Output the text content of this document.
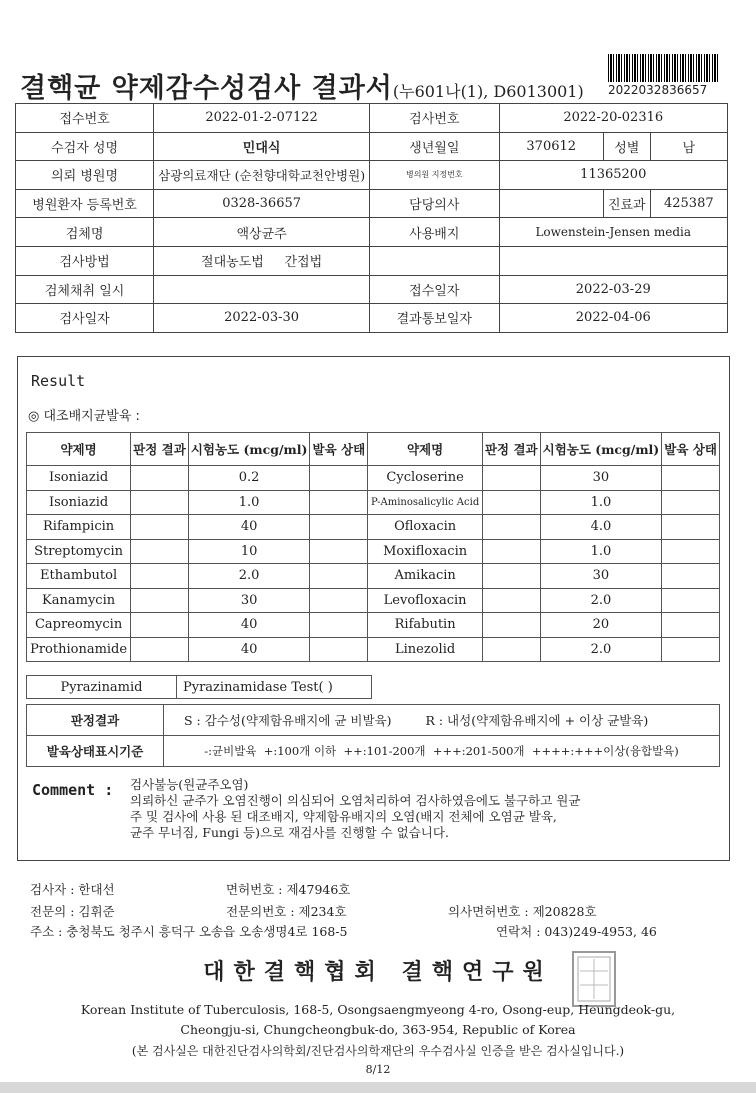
결핵균 약제감수성검사 결과서(누601나(1), D6013001) 2022032836657
접수번호	2022-01-2-07122	검사번호	2022-20-02316		
수검자 성명	민대식	생년월일	370612	성별	남
의뢰 병원명	삼광의료재단 (순천향대학교천안병원)	병의원 지정번호	11365200		
병원환자 등록번호	0328-36657	담당의사		진료과	425387
검체명	액상균주	사용배지	Lowenstein-Jensen media		
검사방법	절대농도법 간접법				
검체채취 일시		접수일자	2022-03-29		
검사일자	2022-03-30	결과통보일자	2022-04-06		
Result
◎ 대조배지균발육 :
약제명	판정 결과	시험농도 (mcg/ml)	발육 상태	약제명	판정 결과	시험농도 (mcg/ml)	발육 상태
Isoniazid		0.2		Cycloserine		30	
Isoniazid		1.0		P-Aminosalicylic Acid		1.0	
Rifampicin		40		Ofloxacin		4.0	
Streptomycin		10		Moxifloxacin		1.0	
Ethambutol		2.0		Amikacin		30	
Kanamycin		30		Levofloxacin		2.0	
Capreomycin		40		Rifabutin		20	
Prothionamide		40		Linezolid		2.0	
Pyrazinamid	Pyrazinamidase Test( )
판정결과	S : 감수성(약제함유배지에 균 비발육) R : 내성(약제함유배지에 + 이상 균발육)
발육상태표시기준	-:균비발육  +:100개 이하  ++:101-200개  +++:201-500개  ++++:+++이상(융합발육)
Comment : 검사불능(원균주오염)
의뢰하신 균주가 오염진행이 의심되어 오염처리하여 검사하였음에도 불구하고 원균
주 및 검사에 사용 된 대조배지, 약제함유배지의 오염(배지 전체에 오염균 발육,
균주 무너짐, Fungi 등)으로 재검사를 진행할 수 없습니다.
검사자 : 한대선	면허번호 : 제47946호
전문의 : 김휘준	전문의번호 : 제234호	의사면허번호 : 제20828호
주소 : 충청북도 청주시 흥덕구 오송읍 오송생명4로 168-5	연락처 : 043)249-4953, 46
대한결핵협회 결핵연구원
Korean Institute of Tuberculosis, 168-5, Osongsaengmyeong 4-ro, Osong-eup, Heungdeok-gu,
Cheongju-si, Chungcheongbuk-do, 363-954, Republic of Korea
(본 검사실은 대한진단검사의학회/진단검사의학재단의 우수검사실 인증을 받은 검사실입니다.)
8/12
